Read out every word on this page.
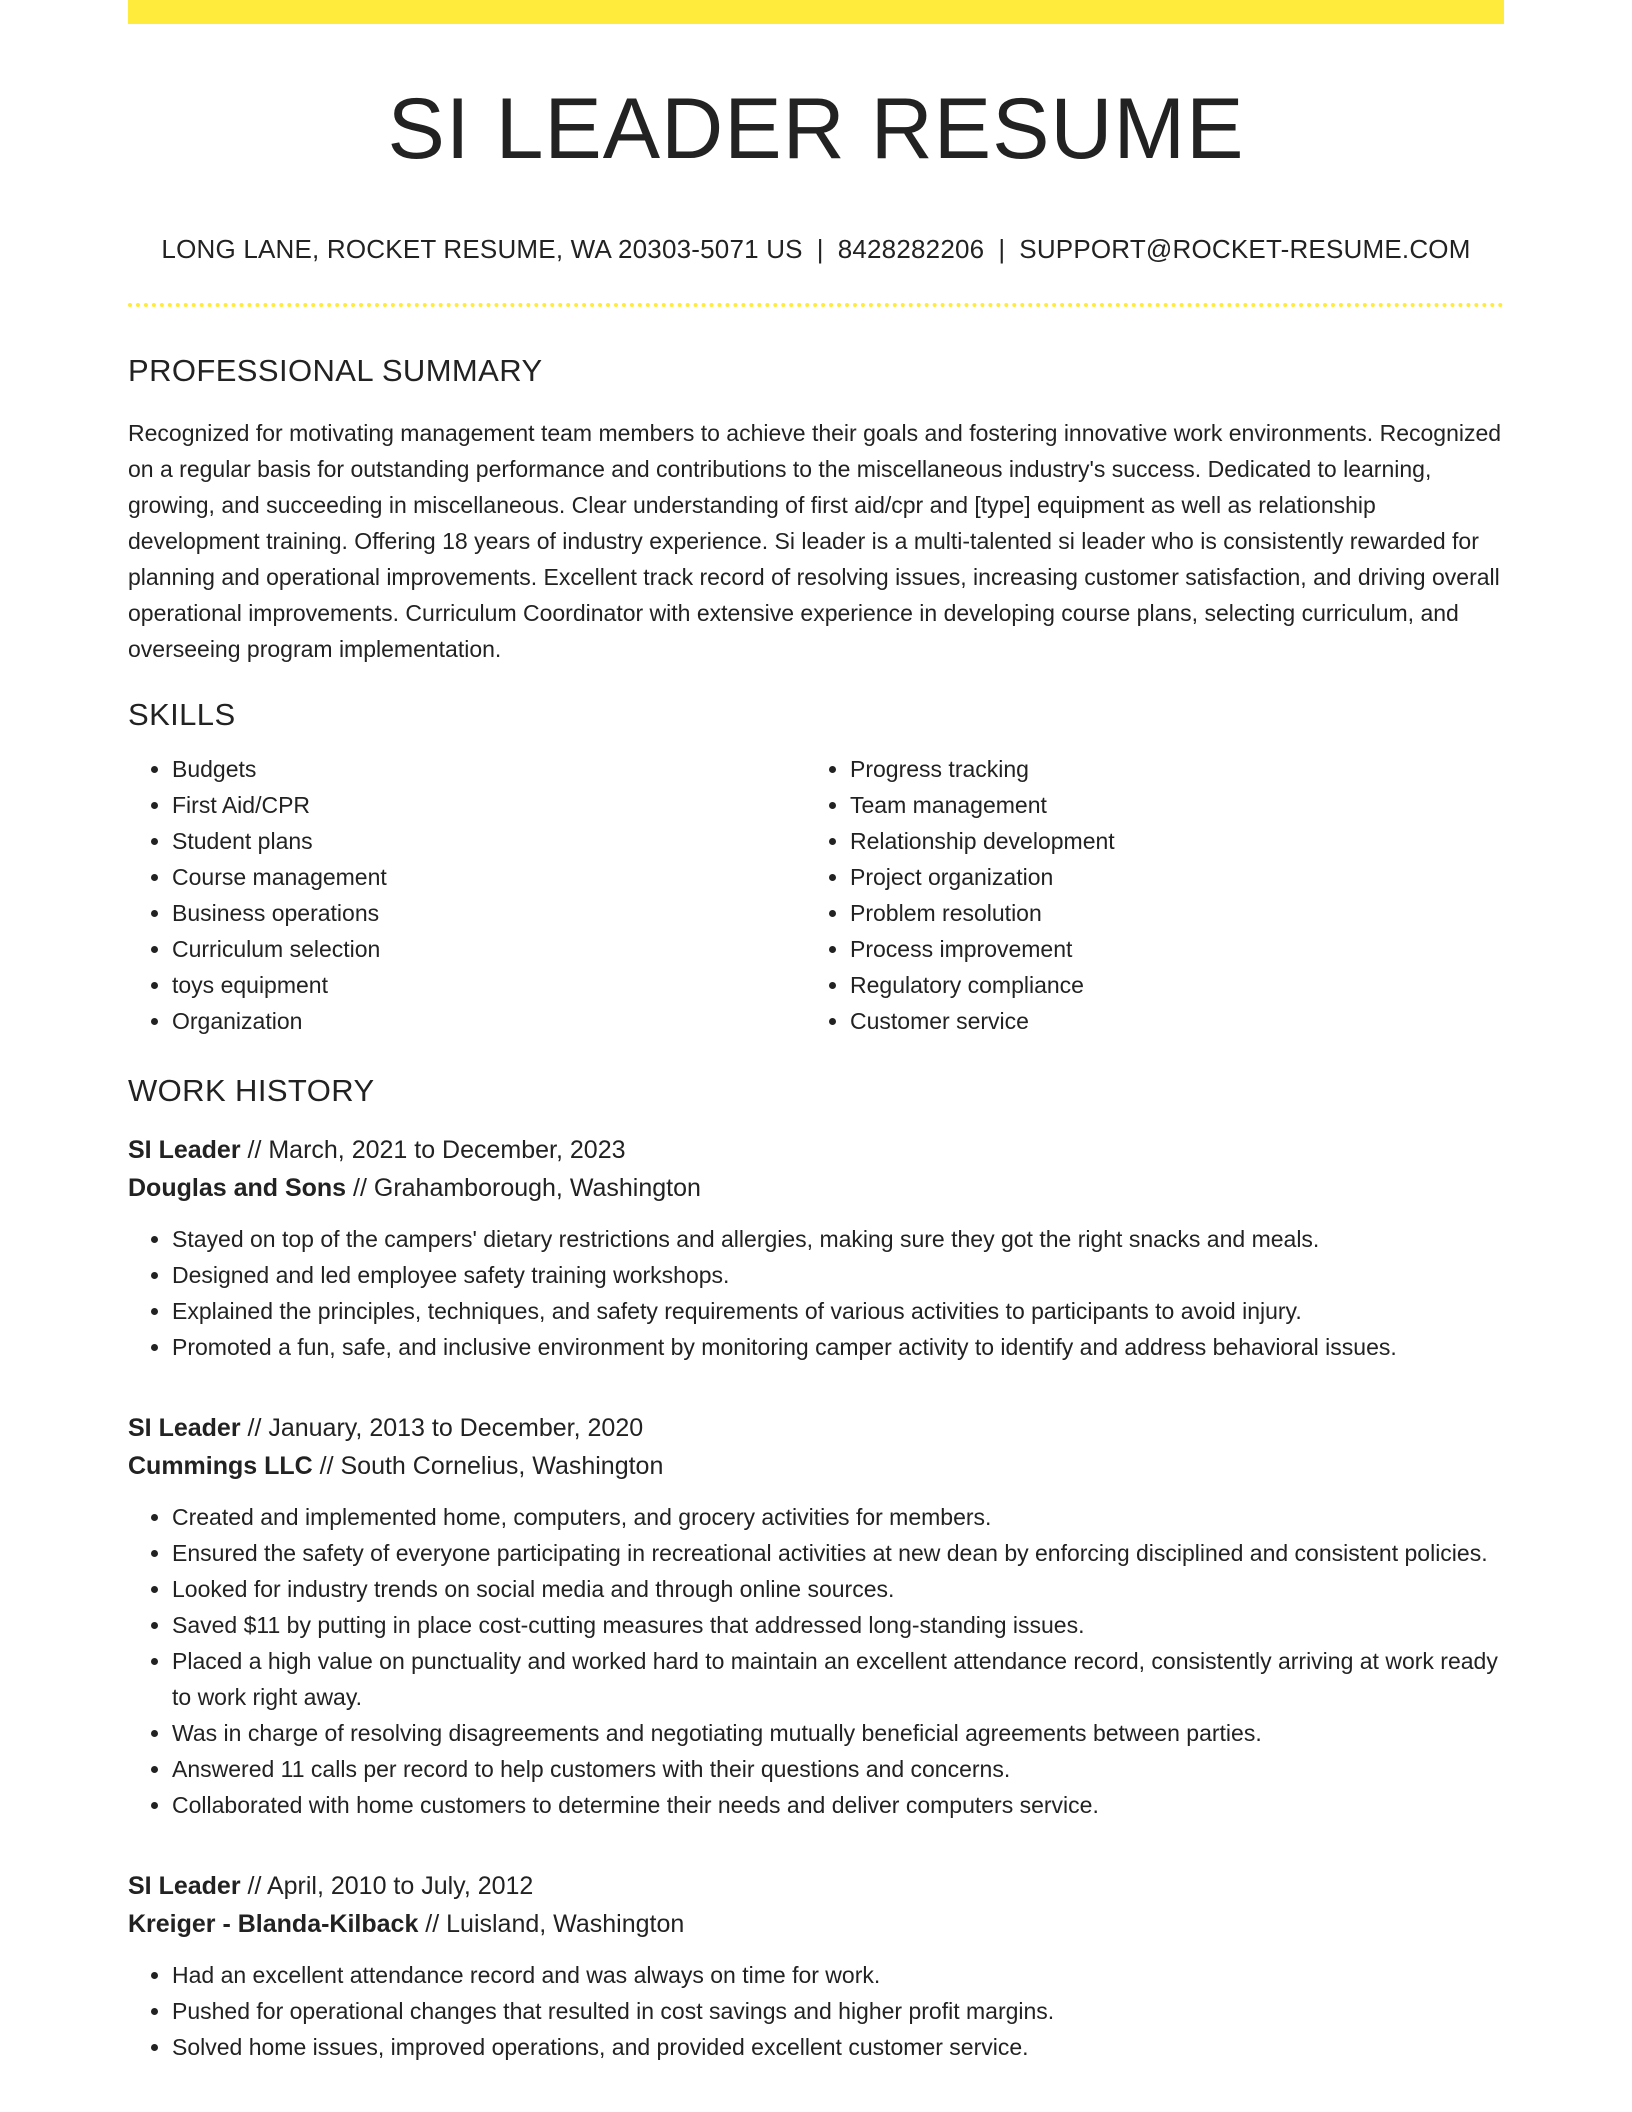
SI LEADER RESUME
LONG LANE, ROCKET RESUME, WA 20303-5071 US | 8428282206 | SUPPORT@ROCKET-RESUME.COM
PROFESSIONAL SUMMARY
Recognized for motivating management team members to achieve their goals and fostering innovative work environments. Recognized on a regular basis for outstanding performance and contributions to the miscellaneous industry's success. Dedicated to learning, growing, and succeeding in miscellaneous. Clear understanding of first aid/cpr and [type] equipment as well as relationship development training. Offering 18 years of industry experience. Si leader is a multi-talented si leader who is consistently rewarded for planning and operational improvements. Excellent track record of resolving issues, increasing customer satisfaction, and driving overall operational improvements. Curriculum Coordinator with extensive experience in developing course plans, selecting curriculum, and overseeing program implementation.
SKILLS
• Budgets
• First Aid/CPR
• Student plans
• Course management
• Business operations
• Curriculum selection
• toys equipment
• Organization
• Progress tracking
• Team management
• Relationship development
• Project organization
• Problem resolution
• Process improvement
• Regulatory compliance
• Customer service
WORK HISTORY
SI Leader // March, 2021 to December, 2023
Douglas and Sons // Grahamborough, Washington
• Stayed on top of the campers' dietary restrictions and allergies, making sure they got the right snacks and meals.
• Designed and led employee safety training workshops.
• Explained the principles, techniques, and safety requirements of various activities to participants to avoid injury.
• Promoted a fun, safe, and inclusive environment by monitoring camper activity to identify and address behavioral issues.
SI Leader // January, 2013 to December, 2020
Cummings LLC // South Cornelius, Washington
• Created and implemented home, computers, and grocery activities for members.
• Ensured the safety of everyone participating in recreational activities at new dean by enforcing disciplined and consistent policies.
• Looked for industry trends on social media and through online sources.
• Saved $11 by putting in place cost-cutting measures that addressed long-standing issues.
• Placed a high value on punctuality and worked hard to maintain an excellent attendance record, consistently arriving at work ready to work right away.
• Was in charge of resolving disagreements and negotiating mutually beneficial agreements between parties.
• Answered 11 calls per record to help customers with their questions and concerns.
• Collaborated with home customers to determine their needs and deliver computers service.
SI Leader // April, 2010 to July, 2012
Kreiger - Blanda-Kilback // Luisland, Washington
• Had an excellent attendance record and was always on time for work.
• Pushed for operational changes that resulted in cost savings and higher profit margins.
• Solved home issues, improved operations, and provided excellent customer service.
